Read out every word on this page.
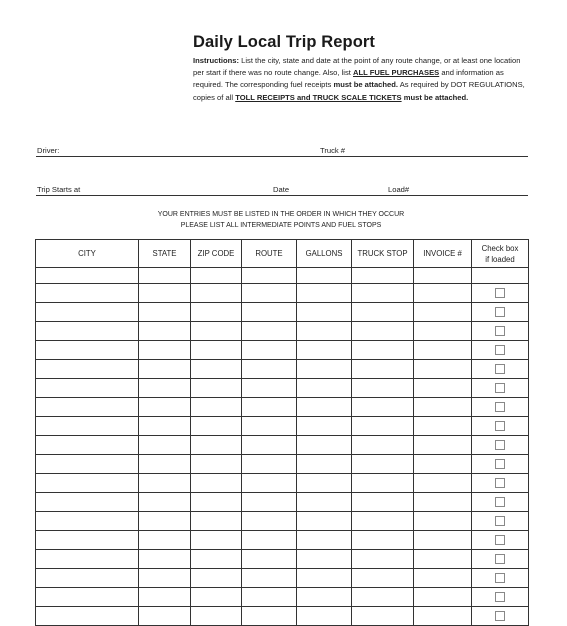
Daily Local Trip Report
Instructions: List the city, state and date at the point of any route change, or at least one location per start if there was no route change. Also, list ALL FUEL PURCHASES and information as required. The corresponding fuel receipts must be attached. As required by DOT REGULATIONS, copies of all TOLL RECEIPTS and TRUCK SCALE TICKETS must be attached.
Driver:	Truck #
Trip Starts at	Date	Load#
YOUR ENTRIES MUST BE LISTED IN THE ORDER IN WHICH THEY OCCUR
PLEASE LIST ALL INTERMEDIATE POINTS AND FUEL STOPS
CITY	STATE	ZIP CODE	ROUTE	GALLONS	TRUCK STOP	INVOICE #	Check box
if loaded
